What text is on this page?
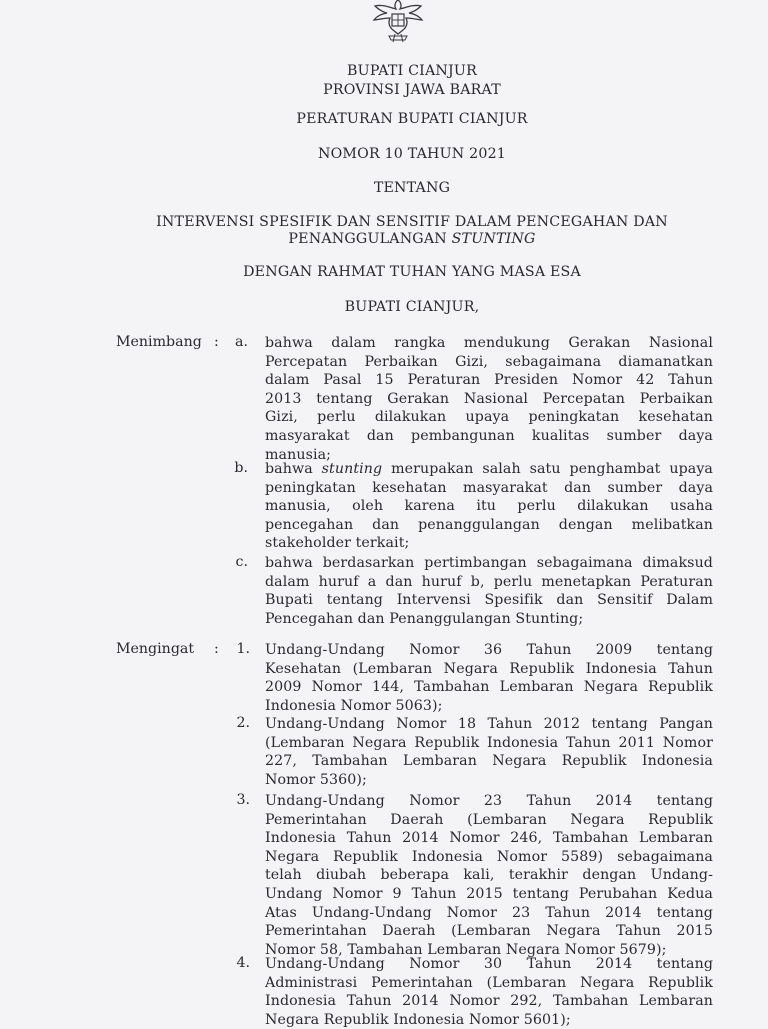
BUPATI CIANJUR
PROVINSI JAWA BARAT
PERATURAN BUPATI CIANJUR
NOMOR 10 TAHUN 2021
TENTANG
INTERVENSI SPESIFIK DAN SENSITIF DALAM PENCEGAHAN DAN
PENANGGULANGAN STUNTING
DENGAN RAHMAT TUHAN YANG MASA ESA
BUPATI CIANJUR,
Menimbang :	a. bahwa dalam rangka mendukung Gerakan Nasional
Percepatan Perbaikan Gizi, sebagaimana diamanatkan
dalam Pasal 15 Peraturan Presiden Nomor 42 Tahun
2013 tentang Gerakan Nasional Percepatan Perbaikan
Gizi, perlu dilakukan upaya peningkatan kesehatan
masyarakat dan pembangunan kualitas sumber daya
manusia;
b. bahwa stunting merupakan salah satu penghambat upaya
peningkatan kesehatan masyarakat dan sumber daya
manusia, oleh karena itu perlu dilakukan usaha
pencegahan dan penanggulangan dengan melibatkan
stakeholder terkait;
c. bahwa berdasarkan pertimbangan sebagaimana dimaksud
dalam huruf a dan huruf b, perlu menetapkan Peraturan
Bupati tentang Intervensi Spesifik dan Sensitif Dalam
Pencegahan dan Penanggulangan Stunting;
Mengingat :	1. Undang-Undang Nomor 36 Tahun 2009 tentang
Kesehatan (Lembaran Negara Republik Indonesia Tahun
2009 Nomor 144, Tambahan Lembaran Negara Republik
Indonesia Nomor 5063);
2. Undang-Undang Nomor 18 Tahun 2012 tentang Pangan
(Lembaran Negara Republik Indonesia Tahun 2011 Nomor
227, Tambahan Lembaran Negara Republik Indonesia
Nomor 5360);
3. Undang-Undang Nomor 23 Tahun 2014 tentang
Pemerintahan Daerah (Lembaran Negara Republik
Indonesia Tahun 2014 Nomor 246, Tambahan Lembaran
Negara Republik Indonesia Nomor 5589) sebagaimana
telah diubah beberapa kali, terakhir dengan Undang-
Undang Nomor 9 Tahun 2015 tentang Perubahan Kedua
Atas Undang-Undang Nomor 23 Tahun 2014 tentang
Pemerintahan Daerah (Lembaran Negara Tahun 2015
Nomor 58, Tambahan Lembaran Negara Nomor 5679);
4. Undang-Undang Nomor 30 Tahun 2014 tentang
Administrasi Pemerintahan (Lembaran Negara Republik
Indonesia Tahun 2014 Nomor 292, Tambahan Lembaran
Negara Republik Indonesia Nomor 5601);
